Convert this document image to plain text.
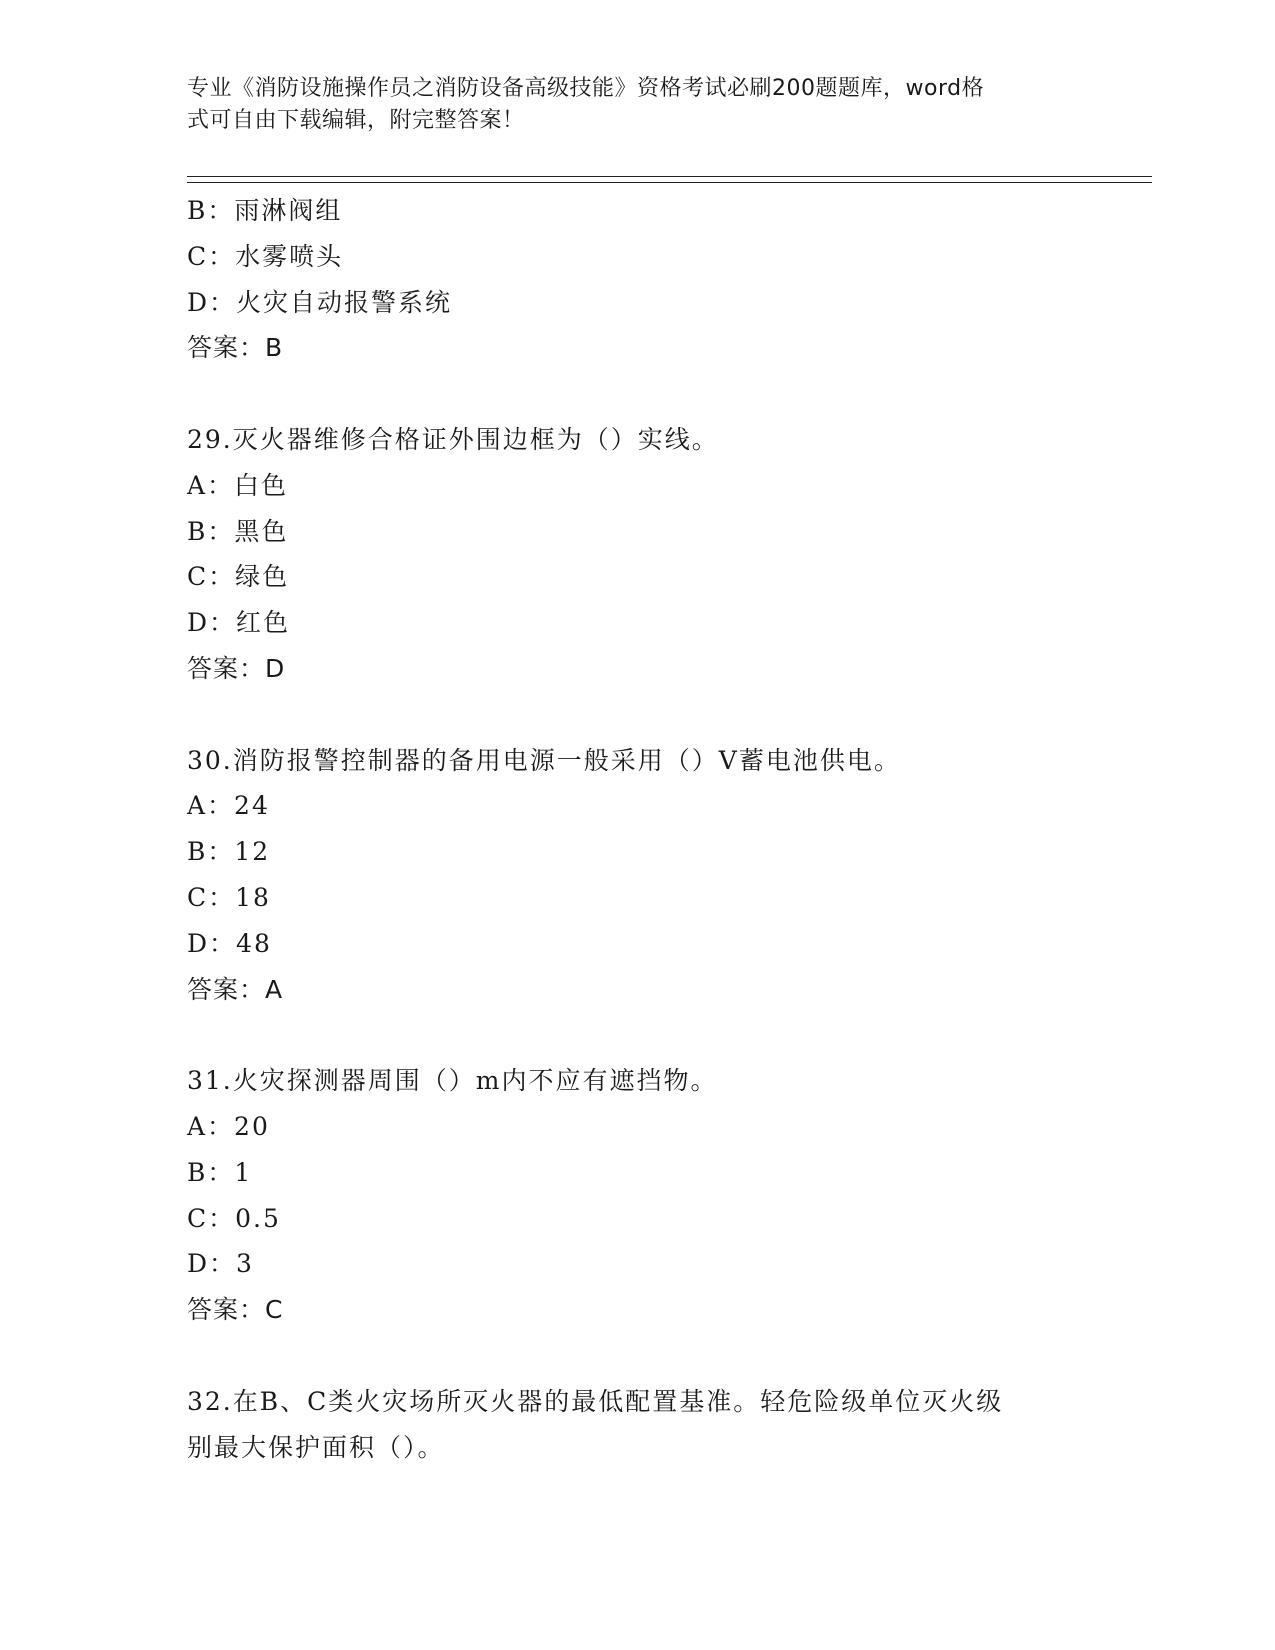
专业《消防设施操作员之消防设备高级技能》资格考试必刷200题题库，word格
式可自由下载编辑，附完整答案！
B：雨淋阀组
C：水雾喷头
D：火灾自动报警系统
答案：B
29.灭火器维修合格证外围边框为（）实线。
A：白色
B：黑色
C：绿色
D：红色
答案：D
30.消防报警控制器的备用电源一般采用（）V蓄电池供电。
A：24
B：12
C：18
D：48
答案：A
31.火灾探测器周围（）m内不应有遮挡物。
A：20
B：1
C：0.5
D：3
答案：C
32.在B、C类火灾场所灭火器的最低配置基准。轻危险级单位灭火级
别最大保护面积（）。
